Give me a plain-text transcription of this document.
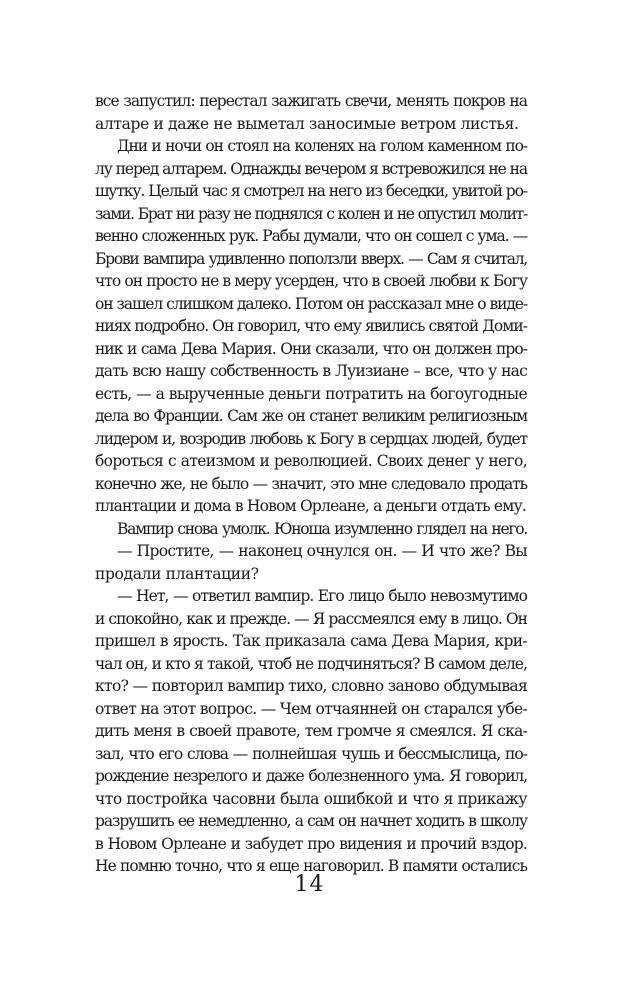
все запустил: перестал зажигать свечи, менять покров на
алтаре и даже не выметал заносимые ветром листья.
Дни и ночи он стоял на коленях на голом каменном по-
лу перед алтарем. Однажды вечером я встревожился не на
шутку. Целый час я смотрел на него из беседки, увитой ро-
зами. Брат ни разу не поднялся с колен и не опустил молит-
венно сложенных рук. Рабы думали, что он сошел с ума. —
Брови вампира удивленно поползли вверх. — Сам я считал,
что он просто не в меру усерден, что в своей любви к Богу
он зашел слишком далеко. Потом он рассказал мне о виде-
ниях подробно. Он говорил, что ему явились святой Доми-
ник и сама Дева Мария. Они сказали, что он должен про-
дать всю нашу собственность в Луизиане – все, что у нас
есть, — а вырученные деньги потратить на богоугодные
дела во Франции. Сам же он станет великим религиозным
лидером и, возродив любовь к Богу в сердцах людей, будет
бороться с атеизмом и революцией. Своих денег у него,
конечно же, не было — значит, это мне следовало продать
плантации и дома в Новом Орлеане, а деньги отдать ему.
Вампир снова умолк. Юноша изумленно глядел на него.
— Простите, — наконец очнулся он. — И что же? Вы
продали плантации?
— Нет, — ответил вампир. Его лицо было невозмутимо
и спокойно, как и прежде. — Я рассмеялся ему в лицо. Он
пришел в ярость. Так приказала сама Дева Мария, кри-
чал он, и кто я такой, чтоб не подчиняться? В самом деле,
кто? — повторил вампир тихо, словно заново обдумывая
ответ на этот вопрос. — Чем отчаянней он старался убе-
дить меня в своей правоте, тем громче я смеялся. Я ска-
зал, что его слова — полнейшая чушь и бессмыслица, по-
рождение незрелого и даже болезненного ума. Я говорил,
что постройка часовни была ошибкой и что я прикажу
разрушить ее немедленно, а сам он начнет ходить в школу
в Новом Орлеане и забудет про видения и прочий вздор.
Не помню точно, что я еще наговорил. В памяти остались
14
